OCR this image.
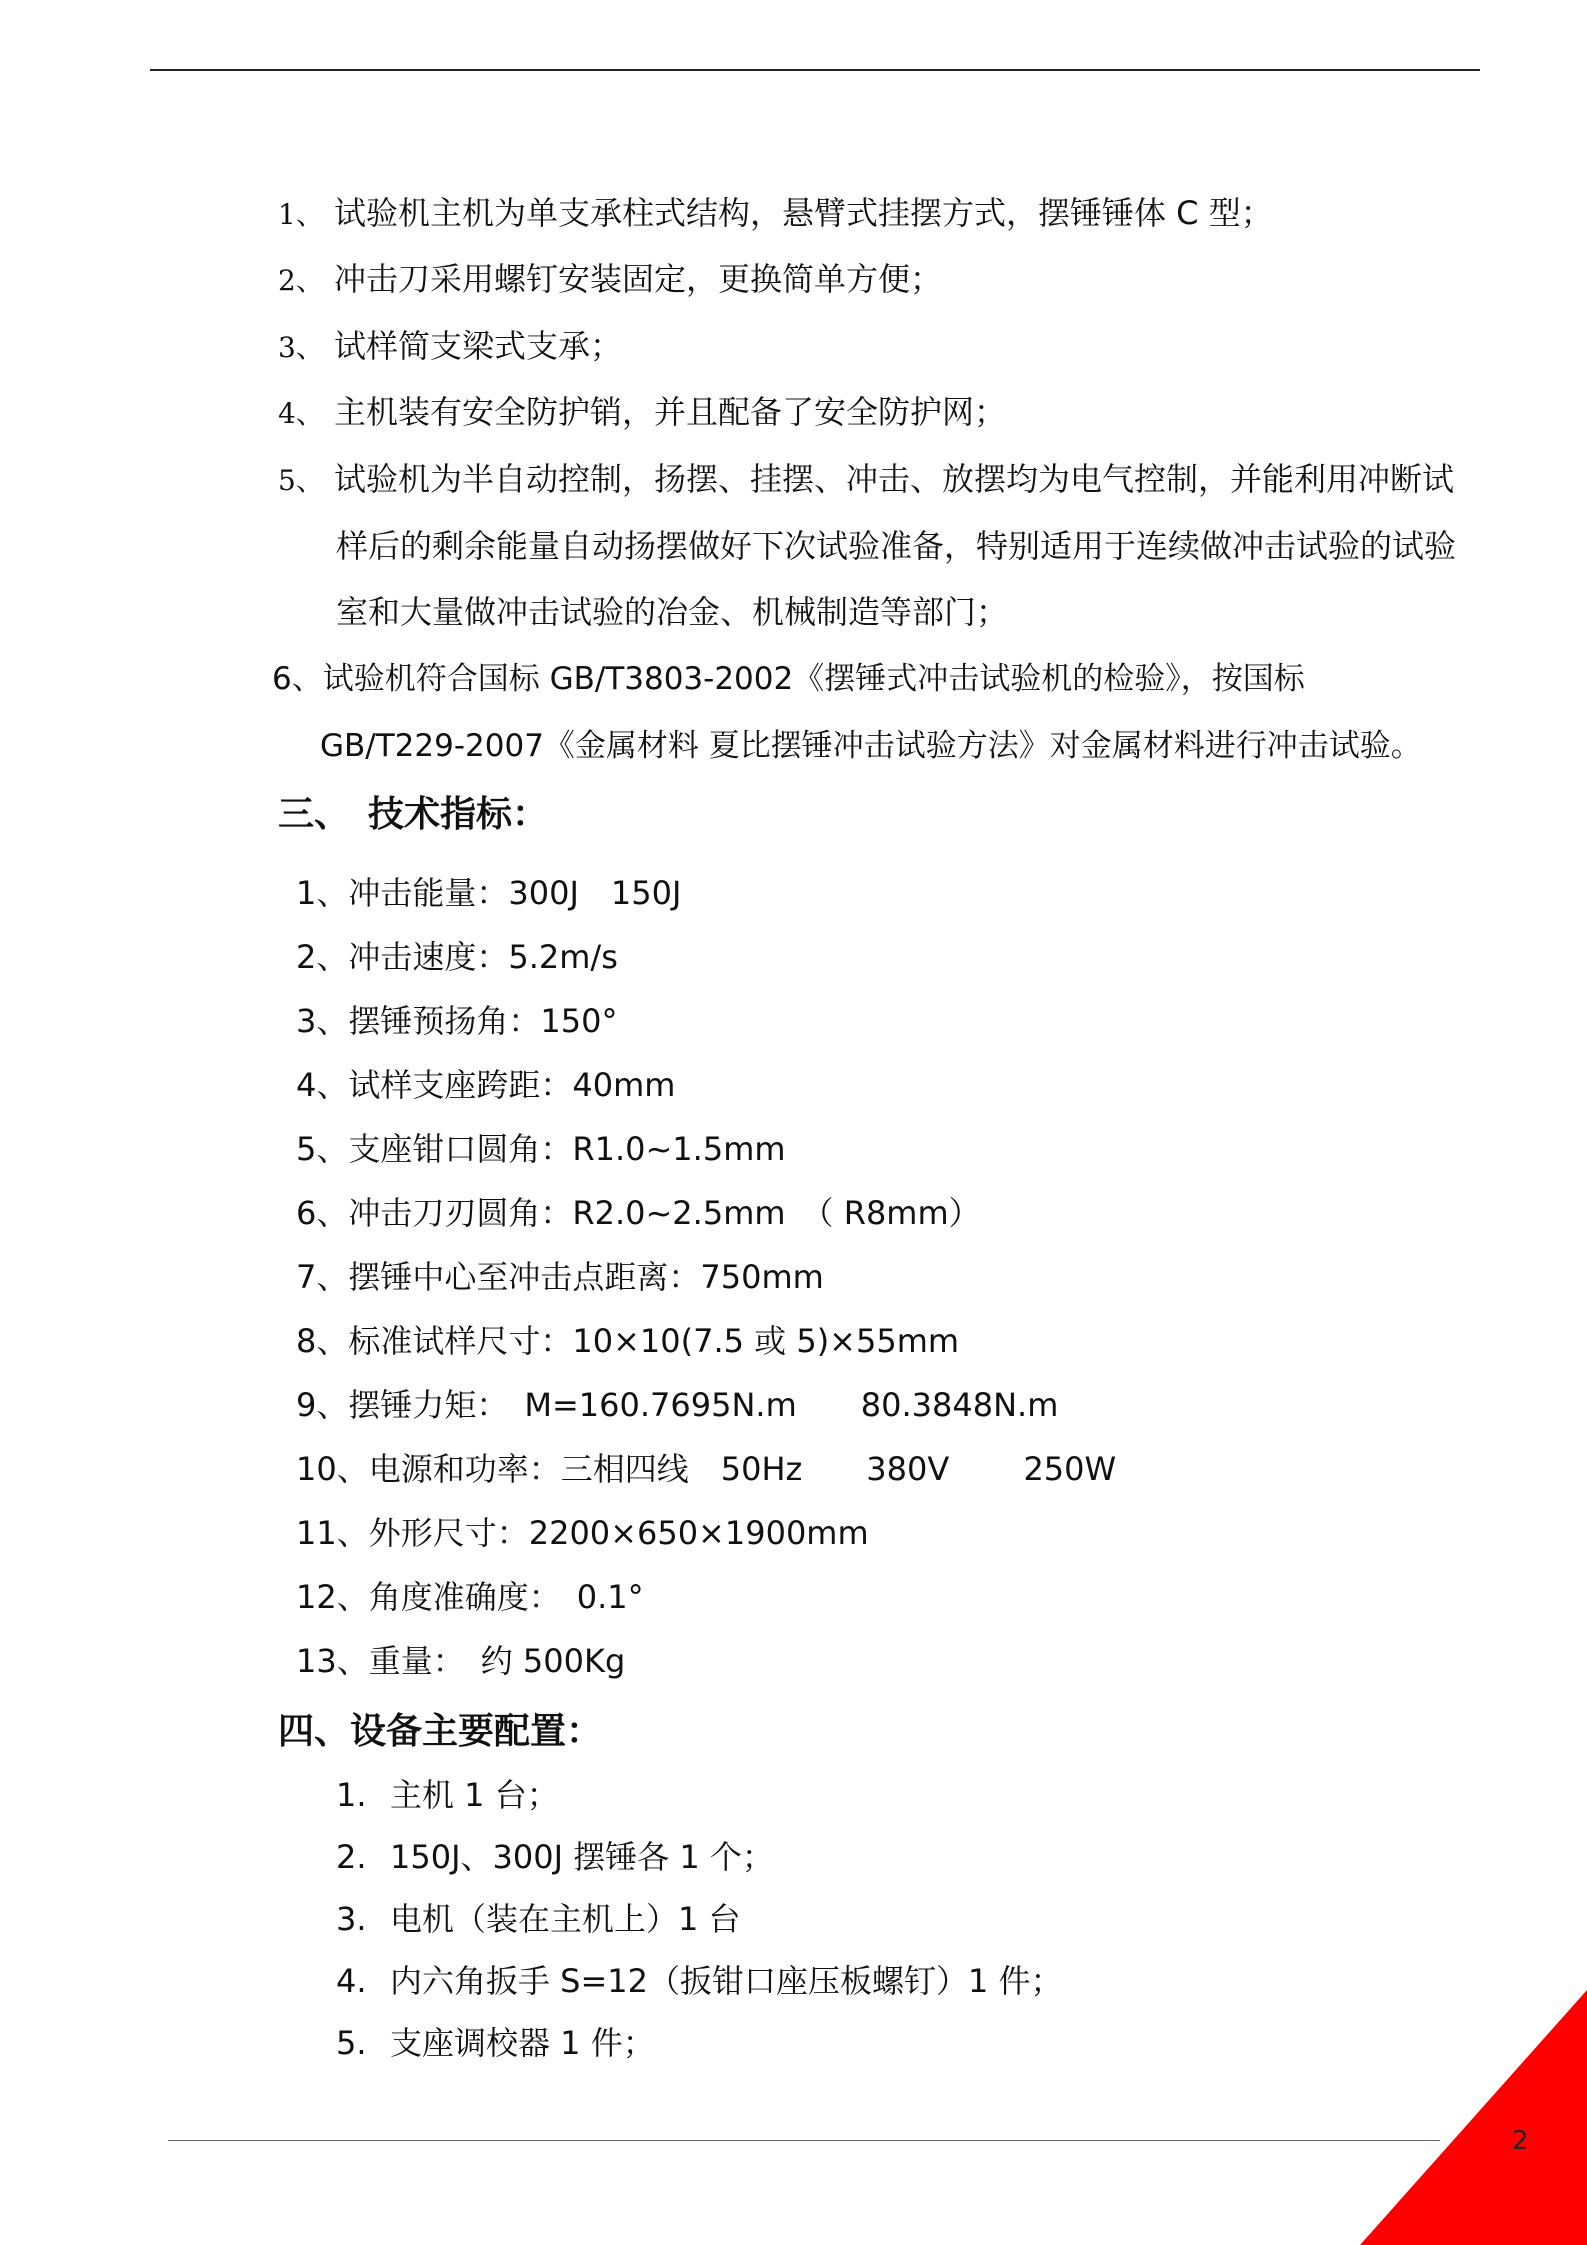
1、 试验机主机为单支承柱式结构，悬臂式挂摆方式，摆锤锤体 C 型；
2、 冲击刀采用螺钉安装固定，更换简单方便；
3、 试样简支梁式支承；
4、 主机装有安全防护销，并且配备了安全防护网；
5、 试验机为半自动控制，扬摆、挂摆、冲击、放摆均为电气控制，并能利用冲断试
样后的剩余能量自动扬摆做好下次试验准备，特别适用于连续做冲击试验的试验
室和大量做冲击试验的冶金、机械制造等部门；
6、试验机符合国标 GB/T3803-2002《摆锤式冲击试验机的检验》，按国标
GB/T229-2007《金属材料 夏比摆锤冲击试验方法》对金属材料进行冲击试验。
三、　技术指标：
1、冲击能量：300J　150J
2、冲击速度：5.2m/s
3、摆锤预扬角：150°
4、试样支座跨距：40mm
5、支座钳口圆角：R1.0~1.5mm
6、冲击刀刃圆角：R2.0~2.5mm　（ R8mm）
7、摆锤中心至冲击点距离：750mm
8、标准试样尺寸：10×10(7.5 或 5)×55mm
9、摆锤力矩：　M=160.7695N.m　　80.3848N.m
10、电源和功率：三相四线　50Hz　　380V　　 250W
11、外形尺寸：2200×650×1900mm
12、角度准确度：　0.1°
13、重量：　约 500Kg
四、设备主要配置：
1. 主机 1 台；
2. 150J、300J 摆锤各 1 个；
3. 电机（装在主机上）1 台
4. 内六角扳手 S=12（扳钳口座压板螺钉）1 件；
5. 支座调校器 1 件；
2
